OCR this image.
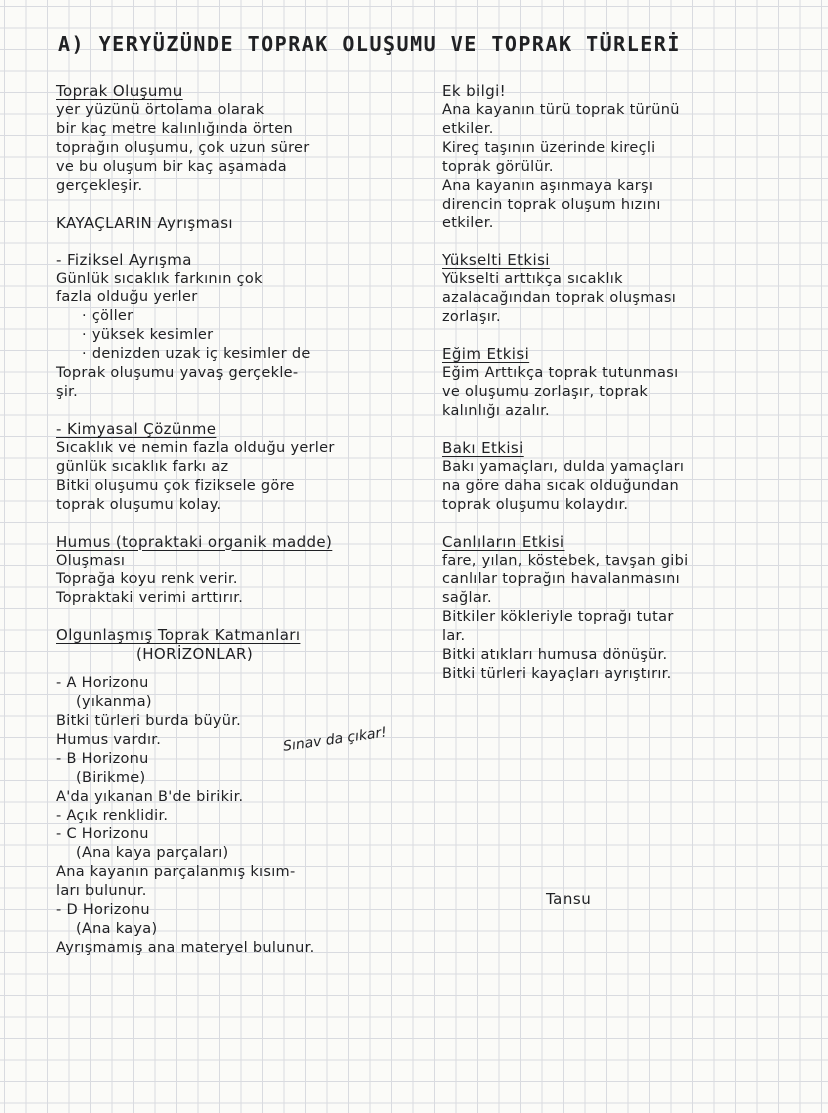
A) YERYÜZÜNDE TOPRAK OLUŞUMU VE TOPRAK TÜRLERİ
Toprak Oluşumu
yer yüzünü örtolama olarak
bir kaç metre kalınlığında örten
toprağın oluşumu, çok uzun sürer
ve bu oluşum bir kaç aşamada
gerçekleşir.
KAYAÇLARIN Ayrışması
- Fiziksel Ayrışma
Günlük sıcaklık farkının çok
fazla olduğu yerler
· çöller
· yüksek kesimler
· denizden uzak iç kesimler de
Toprak oluşumu yavaş gerçekle-
şir.
- Kimyasal Çözünme
Sıcaklık ve nemin fazla olduğu yerler
günlük sıcaklık farkı az
Bitki oluşumu çok fiziksele göre
toprak oluşumu kolay.
Humus (topraktaki organik madde)
Oluşması
Toprağa koyu renk verir.
Topraktaki verimi arttırır.
Olgunlaşmış Toprak Katmanları
(HORİZONLAR)
- A Horizonu
(yıkanma)
Bitki türleri burda büyür.
Humus vardır.
- B Horizonu
(Birikme)
A'da yıkanan B'de birikir.
- Açık renklidir.
- C Horizonu
(Ana kaya parçaları)
Ana kayanın parçalanmış kısım-
ları bulunur.
- D Horizonu
(Ana kaya)
Ayrışmamış ana materyel bulunur.
Sınav da çıkar!
Ek bilgi!
Ana kayanın türü toprak türünü
etkiler.
Kireç taşının üzerinde kireçli
toprak görülür.
Ana kayanın aşınmaya karşı
direncin toprak oluşum hızını
etkiler.
Yükselti Etkisi
Yükselti arttıkça sıcaklık
azalacağından toprak oluşması
zorlaşır.
Eğim Etkisi
Eğim Arttıkça toprak tutunması
ve oluşumu zorlaşır, toprak
kalınlığı azalır.
Bakı Etkisi
Bakı yamaçları, dulda yamaçları
na göre daha sıcak olduğundan
toprak oluşumu kolaydır.
Canlıların Etkisi
fare, yılan, köstebek, tavşan gibi
canlılar toprağın havalanmasını
sağlar.
Bitkiler kökleriyle toprağı tutar
lar.
Bitki atıkları humusa dönüşür.
Bitki türleri kayaçları ayrıştırır.
Tansu
